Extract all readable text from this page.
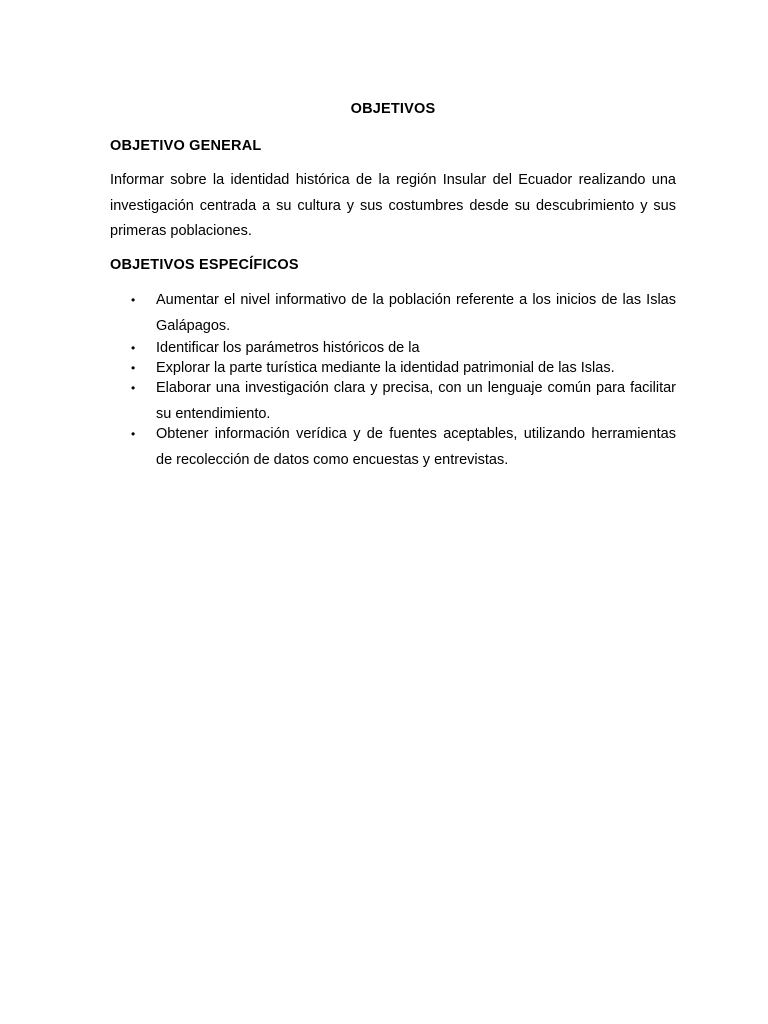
OBJETIVOS
OBJETIVO GENERAL

Informar sobre la identidad histórica de la región Insular del Ecuador realizando una investigación centrada a su cultura y sus costumbres desde su descubrimiento y sus primeras poblaciones.

OBJETIVOS ESPECÍFICOS
• Aumentar el nivel informativo de la población referente a los inicios de las Islas Galápagos.
• Identificar los parámetros históricos de la
• Explorar la parte turística mediante la identidad patrimonial de las Islas.
• Elaborar una investigación clara y precisa, con un lenguaje común para facilitar su entendimiento.
• Obtener información verídica y de fuentes aceptables, utilizando herramientas de recolección de datos como encuestas y entrevistas.
